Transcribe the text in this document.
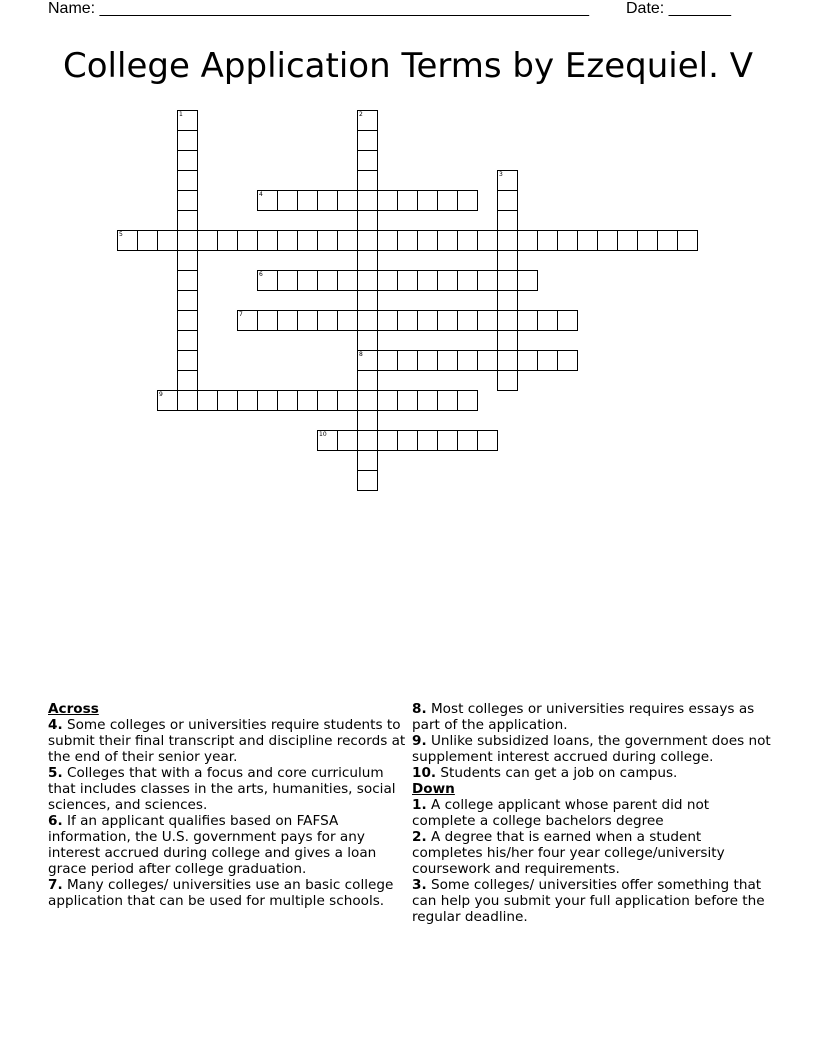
Name: _______________________________________________________ Date: _______
College Application Terms by Ezequiel. V
1	2
8
3
4
5
6
7
9
10
Across
4. Some colleges or universities require students to submit their final transcript and discipline records at the end of their senior year.
5. Colleges that with a focus and core curriculum that includes classes in the arts, humanities, social sciences, and sciences.
6. If an applicant qualifies based on FAFSA information, the U.S. government pays for any interest accrued during college and gives a loan grace period after college graduation.
7. Many colleges/ universities use an basic college application that can be used for multiple schools.
8. Most colleges or universities requires essays as part of the application.
9. Unlike subsidized loans, the government does not supplement interest accrued during college.
10. Students can get a job on campus.
Down
1. A college applicant whose parent did not complete a college bachelors degree
2. A degree that is earned when a student completes his/her four year college/university coursework and requirements.
3. Some colleges/ universities offer something that can help you submit your full application before the regular deadline.
